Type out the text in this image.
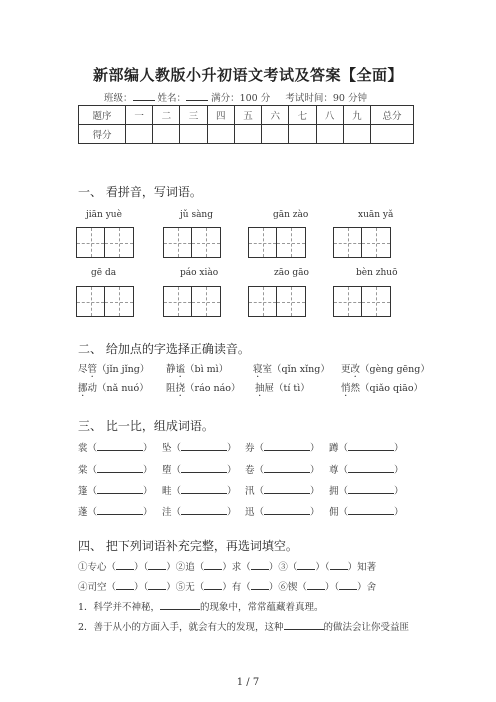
新部编人教版小升初语文考试及答案【全面】
班级：	姓名：	满分：100 分 考试时间：90 分钟
题序	一	二	三	四	五	六	七	八	九	总分
得分										
一、 看拼音，写词语。
jiān yuè	jǔ sàng	gān zào	xuān yǎ
gē da	páo xiào	zāo gāo	bèn zhuō
二、 给加点的字选择正确读音。
尽管（jǐn jǐng） 静谧（bì mì）	寝室（qǐn xǐng） 更改（gèng gēng）
挪动（nǎ nuó） 阻挠（ráo náo） 抽屉（tí tì）	悄然（qiǎo qiāo）
三、 比一比，组成词语。
裳（	） 坠（	） 券（	） 蹲（	）
棠（	） 堕（	） 卷（	） 尊（	）
篷（	） 畦（	） 汛（	） 拥（	）
蓬（	） 洼（	） 迅（	） 佣（	）
四、 把下列词语补充完整，再选词填空。
①专心（ ）（ ）②追（ ）求（ ）③（ ）（ ）知著
④司空（ ）（ ）⑤无（ ）有（ ）⑥锲（ ）（ ）舍
1．科学并不神秘，	的现象中，常常蕴藏着真理。
2．善于从小的方面入手，就会有大的发现，这种	的做法会让你受益匪
1 / 7
